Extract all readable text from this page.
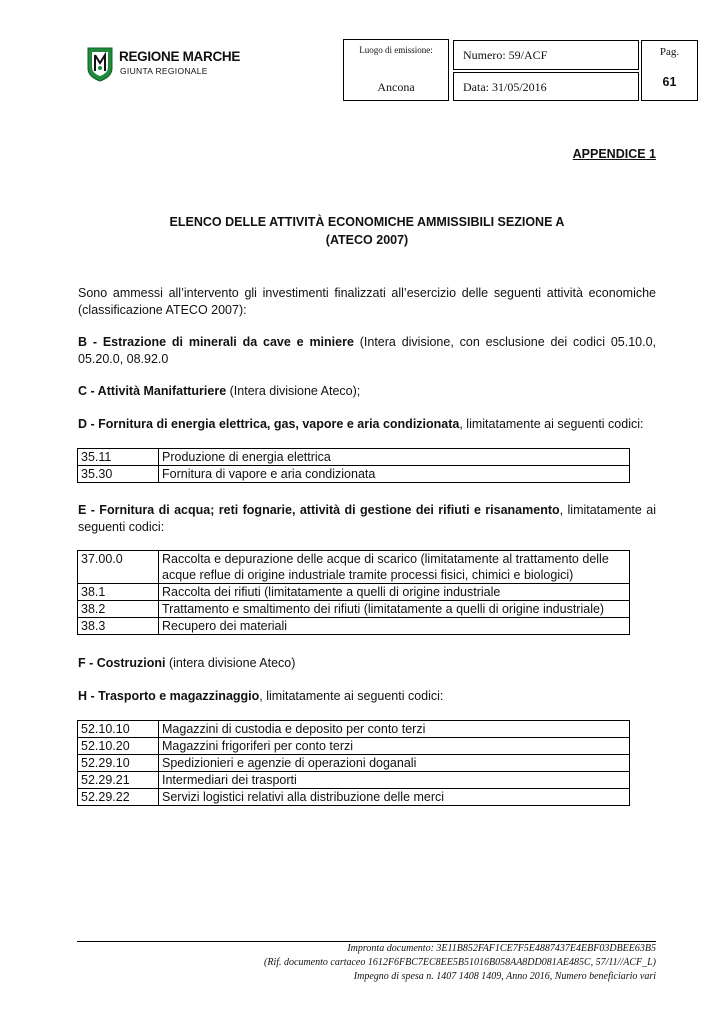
REGIONE MARCHE
GIUNTA REGIONALE
Luogo di emissione:
Ancona
Numero: 59/ACF
Data: 31/05/2016
Pag.
61
APPENDICE 1
ELENCO DELLE ATTIVITÀ ECONOMICHE AMMISSIBILI SEZIONE A
(ATECO 2007)
Sono ammessi all’intervento gli investimenti finalizzati all’esercizio delle seguenti attività economiche (classificazione ATECO 2007):
B - Estrazione di minerali da cave e miniere (Intera divisione, con esclusione dei codici 05.10.0, 05.20.0, 08.92.0
C - Attività Manifatturiere (Intera divisione Ateco);
D - Fornitura di energia elettrica, gas, vapore e aria condizionata, limitatamente ai seguenti codici:
35.11	Produzione di energia elettrica
35.30	Fornitura di vapore e aria condizionata
E - Fornitura di acqua; reti fognarie, attività di gestione dei rifiuti e risanamento, limitatamente ai seguenti codici:
37.00.0	Raccolta e depurazione delle acque di scarico (limitatamente al trattamento delle acque reflue di origine industriale tramite processi fisici, chimici e biologici)
38.1	Raccolta dei rifiuti (limitatamente a quelli di origine industriale
38.2	Trattamento e smaltimento dei rifiuti (limitatamente a quelli di origine industriale)
38.3	Recupero dei materiali
F - Costruzioni (intera divisione Ateco)
H - Trasporto e magazzinaggio, limitatamente ai seguenti codici:
52.10.10	Magazzini di custodia e deposito per conto terzi
52.10.20	Magazzini frigoriferi per conto terzi
52.29.10	Spedizionieri e agenzie di operazioni doganali
52.29.21	Intermediari dei trasporti
52.29.22	Servizi logistici relativi alla distribuzione delle merci
Impronta documento: 3E11B852FAF1CE7F5E4887437E4EBF03DBEE63B5
(Rif. documento cartaceo 1612F6FBC7EC8EE5B51016B058AA8DD081AE485C, 57/11//ACF_L)
Impegno di spesa n. 1407 1408 1409, Anno 2016, Numero beneficiario vari
